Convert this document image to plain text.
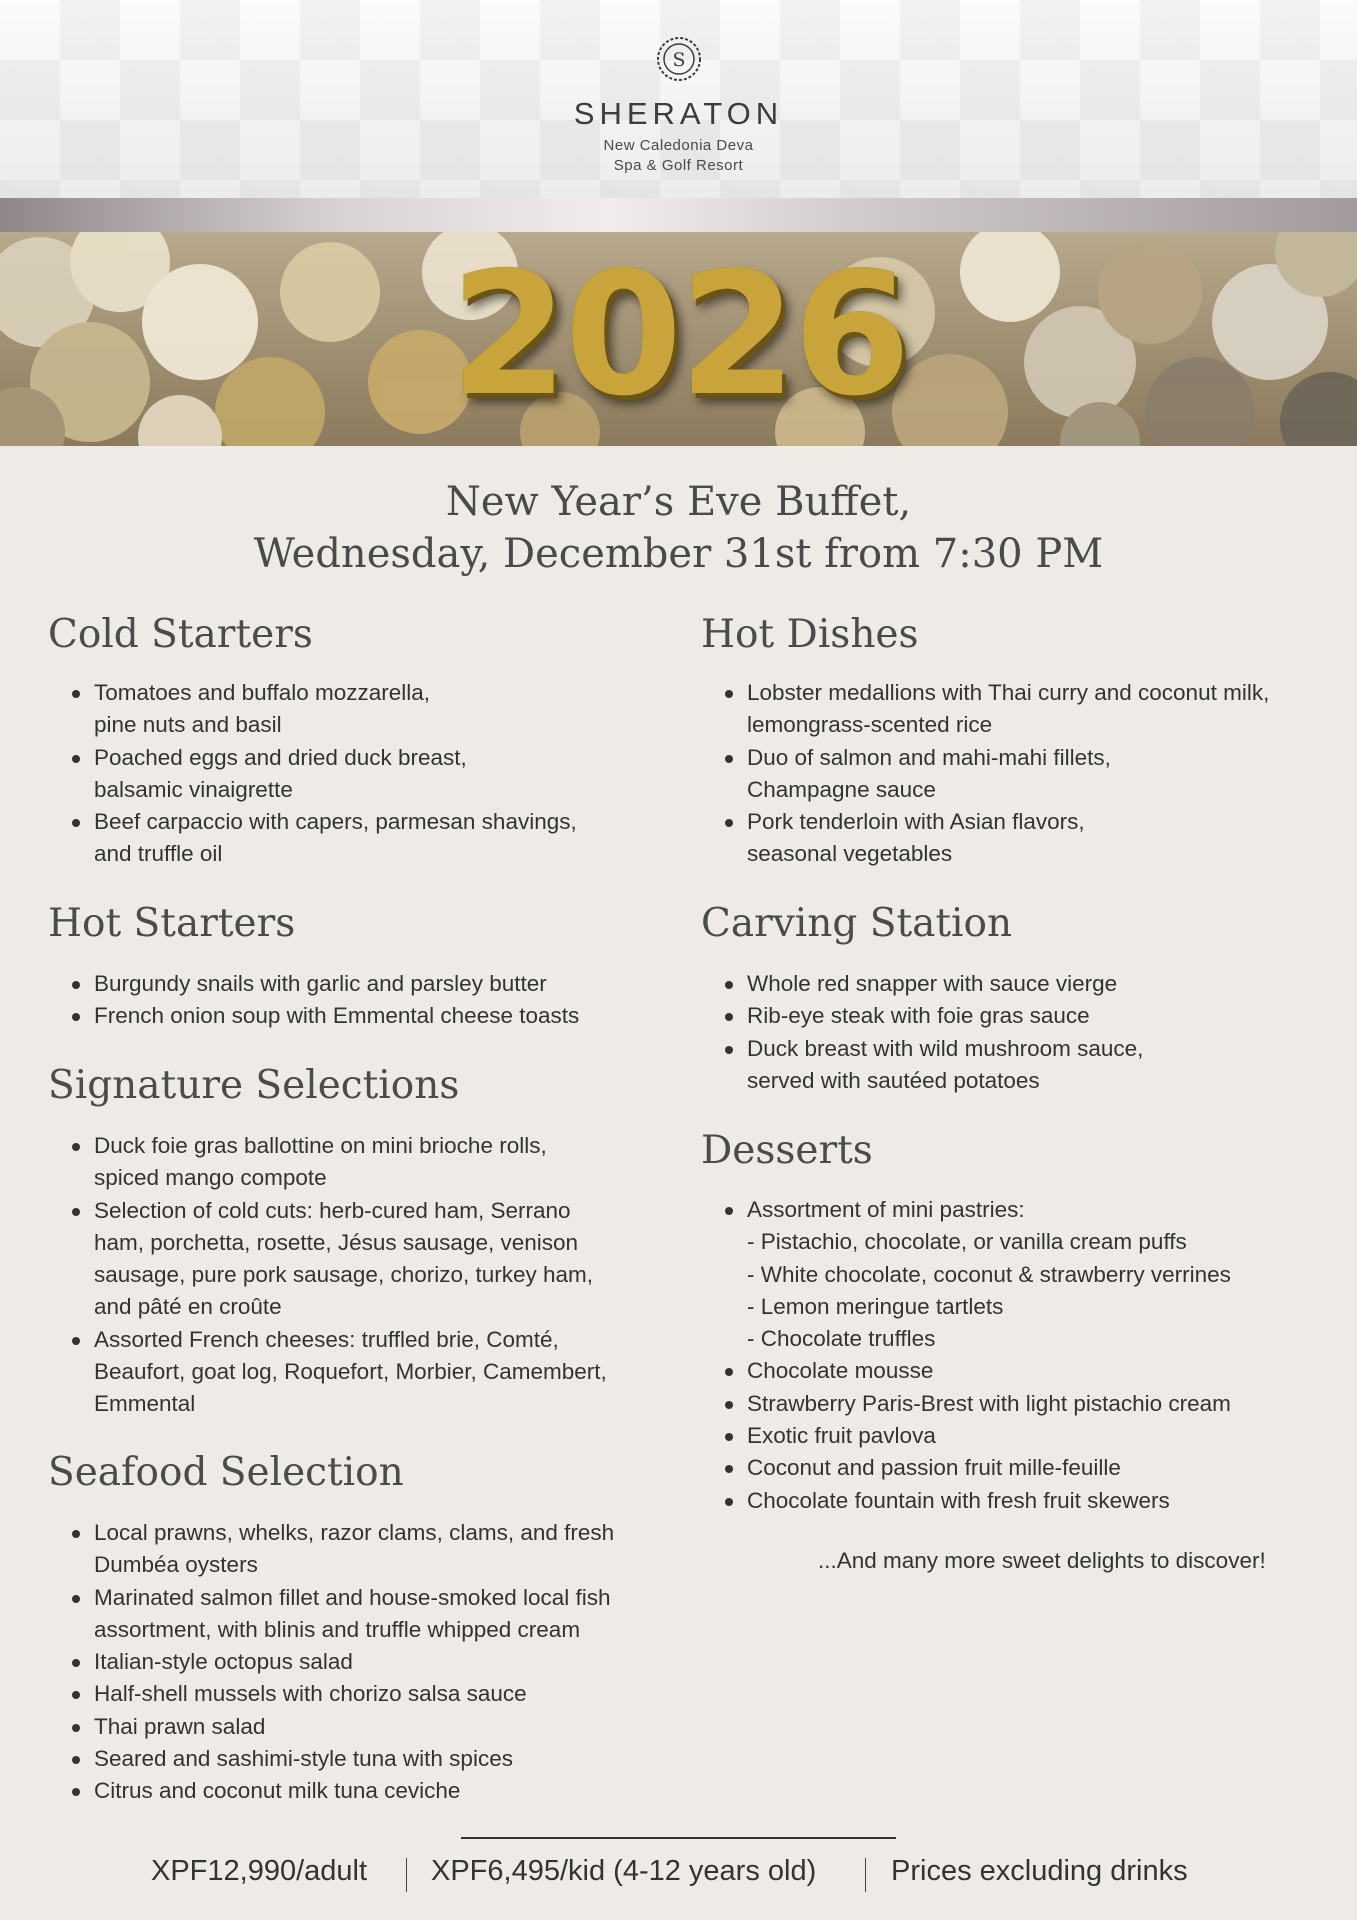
S
SHERATON
New Caledonia Deva
Spa & Golf Resort
2026
New Year’s Eve Buffet,
Wednesday, December 31st from 7:30 PM
Cold Starters
Tomatoes and buffalo mozzarella,
pine nuts and basil
Poached eggs and dried duck breast,
balsamic vinaigrette
Beef carpaccio with capers, parmesan shavings,
and truffle oil
Hot Starters
Burgundy snails with garlic and parsley butter
French onion soup with Emmental cheese toasts
Signature Selections
Duck foie gras ballottine on mini brioche rolls,
spiced mango compote
Selection of cold cuts: herb-cured ham, Serrano
ham, porchetta, rosette, Jésus sausage, venison
sausage, pure pork sausage, chorizo, turkey ham,
and pâté en croûte
Assorted French cheeses: truffled brie, Comté,
Beaufort, goat log, Roquefort, Morbier, Camembert,
Emmental
Seafood Selection
Local prawns, whelks, razor clams, clams, and fresh
Dumbéa oysters
Marinated salmon fillet and house-smoked local fish
assortment, with blinis and truffle whipped cream
Italian-style octopus salad
Half-shell mussels with chorizo salsa sauce
Thai prawn salad
Seared and sashimi-style tuna with spices
Citrus and coconut milk tuna ceviche
Hot Dishes
Lobster medallions with Thai curry and coconut milk,
lemongrass-scented rice
Duo of salmon and mahi-mahi fillets,
Champagne sauce
Pork tenderloin with Asian flavors,
seasonal vegetables
Carving Station
Whole red snapper with sauce vierge
Rib-eye steak with foie gras sauce
Duck breast with wild mushroom sauce,
served with sautéed potatoes
Desserts
Assortment of mini pastries:
- Pistachio, chocolate, or vanilla cream puffs
- White chocolate, coconut & strawberry verrines
- Lemon meringue tartlets
- Chocolate truffles
Chocolate mousse
Strawberry Paris-Brest with light pistachio cream
Exotic fruit pavlova
Coconut and passion fruit mille-feuille
Chocolate fountain with fresh fruit skewers
...And many more sweet delights to discover!
XPF12,990/adult XPF6,495/kid (4-12 years old)	Prices excluding drinks
